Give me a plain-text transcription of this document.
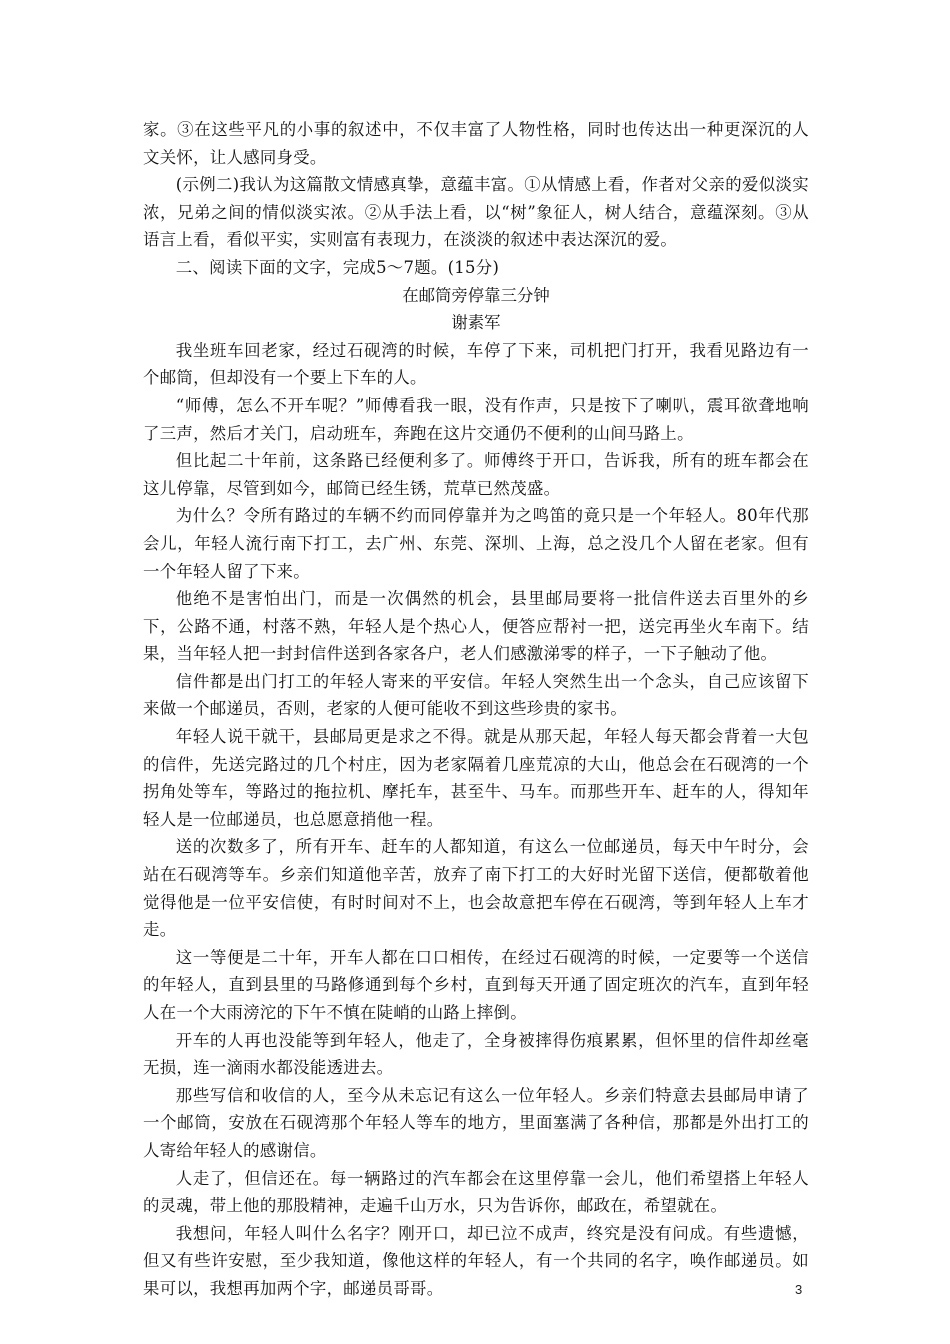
家。③在这些平凡的小事的叙述中，不仅丰富了人物性格，同时也传达出一种更深沉的人文关怀，让人感同身受。

(示例二)我认为这篇散文情感真挚，意蕴丰富。①从情感上看，作者对父亲的爱似淡实浓，兄弟之间的情似淡实浓。②从手法上看，以“树”象征人，树人结合，意蕴深刻。③从语言上看，看似平实，实则富有表现力，在淡淡的叙述中表达深沉的爱。

二、阅读下面的文字，完成5～7题。(15分)

在邮筒旁停靠三分钟

谢素军

我坐班车回老家，经过石砚湾的时候，车停了下来，司机把门打开，我看见路边有一个邮筒，但却没有一个要上下车的人。

“师傅，怎么不开车呢？”师傅看我一眼，没有作声，只是按下了喇叭，震耳欲聋地响了三声，然后才关门，启动班车，奔跑在这片交通仍不便利的山间马路上。

但比起二十年前，这条路已经便利多了。师傅终于开口，告诉我，所有的班车都会在这儿停靠，尽管到如今，邮筒已经生锈，荒草已然茂盛。

为什么？令所有路过的车辆不约而同停靠并为之鸣笛的竟只是一个年轻人。80年代那会儿，年轻人流行南下打工，去广州、东莞、深圳、上海，总之没几个人留在老家。但有一个年轻人留了下来。

他绝不是害怕出门，而是一次偶然的机会，县里邮局要将一批信件送去百里外的乡下，公路不通，村落不熟，年轻人是个热心人，便答应帮衬一把，送完再坐火车南下。结果，当年轻人把一封封信件送到各家各户，老人们感激涕零的样子，一下子触动了他。

信件都是出门打工的年轻人寄来的平安信。年轻人突然生出一个念头，自己应该留下来做一个邮递员，否则，老家的人便可能收不到这些珍贵的家书。

年轻人说干就干，县邮局更是求之不得。就是从那天起，年轻人每天都会背着一大包的信件，先送完路过的几个村庄，因为老家隔着几座荒凉的大山，他总会在石砚湾的一个拐角处等车，等路过的拖拉机、摩托车，甚至牛、马车。而那些开车、赶车的人，得知年轻人是一位邮递员，也总愿意捎他一程。

送的次数多了，所有开车、赶车的人都知道，有这么一位邮递员，每天中午时分，会站在石砚湾等车。乡亲们知道他辛苦，放弃了南下打工的大好时光留下送信，便都敬着他觉得他是一位平安信使，有时时间对不上，也会故意把车停在石砚湾，等到年轻人上车才走。

这一等便是二十年，开车人都在口口相传，在经过石砚湾的时候，一定要等一个送信的年轻人，直到县里的马路修通到每个乡村，直到每天开通了固定班次的汽车，直到年轻人在一个大雨滂沱的下午不慎在陡峭的山路上摔倒。

开车的人再也没能等到年轻人，他走了，全身被摔得伤痕累累，但怀里的信件却丝毫无损，连一滴雨水都没能透进去。

那些写信和收信的人，至今从未忘记有这么一位年轻人。乡亲们特意去县邮局申请了一个邮筒，安放在石砚湾那个年轻人等车的地方，里面塞满了各种信，那都是外出打工的人寄给年轻人的感谢信。

人走了，但信还在。每一辆路过的汽车都会在这里停靠一会儿，他们希望搭上年轻人的灵魂，带上他的那股精神，走遍千山万水，只为告诉你，邮政在，希望就在。

我想问，年轻人叫什么名字？刚开口，却已泣不成声，终究是没有问成。有些遗憾，但又有些许安慰，至少我知道，像他这样的年轻人，有一个共同的名字，唤作邮递员。如果可以，我想再加两个字，邮递员哥哥。	3
